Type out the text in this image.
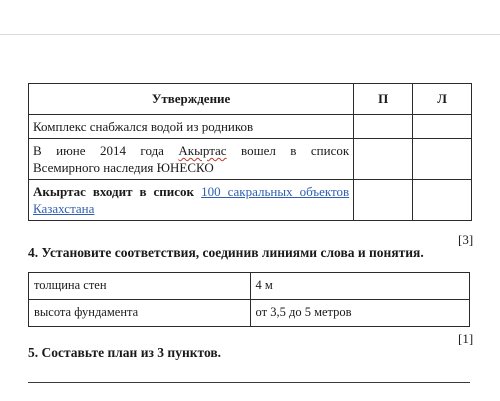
Утверждение	П	Л
Комплекс снабжался водой из родников		

В июне 2014 года Акыртас вошел в список
Всемирного наследия ЮНЕСКО		

Акыртас входит в список 100 сакральных объектов
Казахстана		

[3]
4. Установите соответствия, соединив линиями слова и понятия.
толщина стен	4 м
высота фундамента	от 3,5 до 5 метров
[1]
5. Составьте план из 3 пунктов.
